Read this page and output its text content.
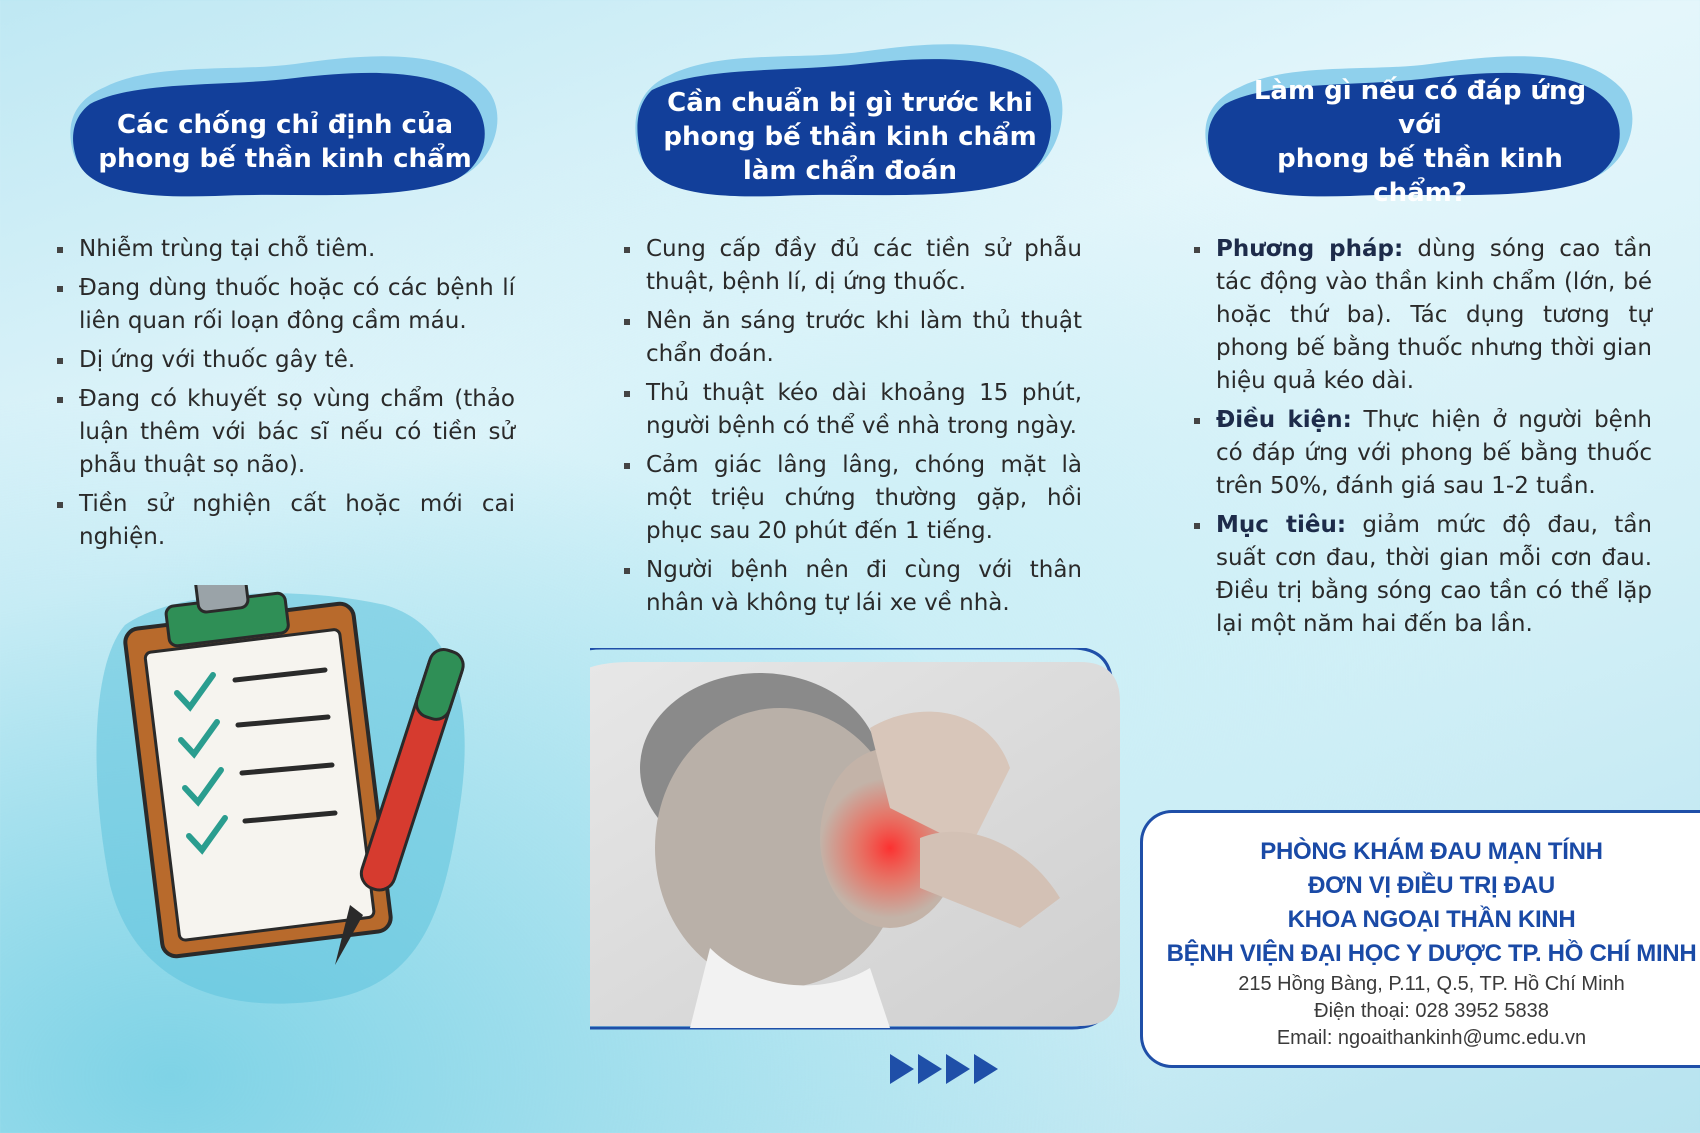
Các chống chỉ định của
phong bế thần kinh chẩm
Nhiễm trùng tại chỗ tiêm.
Đang dùng thuốc hoặc có các bệnh lí liên quan rối loạn đông cầm máu.
Dị ứng với thuốc gây tê.
Đang có khuyết sọ vùng chẩm (thảo luận thêm với bác sĩ nếu có tiền sử phẫu thuật sọ não).
Tiền sử nghiện cất hoặc mới cai nghiện.
Cần chuẩn bị gì trước khi
phong bế thần kinh chẩm
làm chẩn đoán
Cung cấp đầy đủ các tiền sử phẫu thuật, bệnh lí, dị ứng thuốc.
Nên ăn sáng trước khi làm thủ thuật chẩn đoán.
Thủ thuật kéo dài khoảng 15 phút, người bệnh có thể về nhà trong ngày.
Cảm giác lâng lâng, chóng mặt là một triệu chứng thường gặp, hồi phục sau 20 phút đến 1 tiếng.
Người bệnh nên đi cùng với thân nhân và không tự lái xe về nhà.
Làm gì nếu có đáp ứng với
phong bế thần kinh chẩm?
Phương pháp: dùng sóng cao tần tác động vào thần kinh chẩm (lớn, bé hoặc thứ ba). Tác dụng tương tự phong bế bằng thuốc nhưng thời gian hiệu quả kéo dài.
Điều kiện: Thực hiện ở người bệnh có đáp ứng với phong bế bằng thuốc trên 50%, đánh giá sau 1-2 tuần.
Mục tiêu: giảm mức độ đau, tần suất cơn đau, thời gian mỗi cơn đau. Điều trị bằng sóng cao tần có thể lặp lại một năm hai đến ba lần.
PHÒNG KHÁM ĐAU MẠN TÍNH
ĐƠN VỊ ĐIỀU TRỊ ĐAU
KHOA NGOẠI THẦN KINH
BỆNH VIỆN ĐẠI HỌC Y DƯỢC TP. HỒ CHÍ MINH
215 Hồng Bàng, P.11, Q.5, TP. Hồ Chí Minh
Điện thoại: 028 3952 5838
Email: ngoaithankinh@umc.edu.vn
